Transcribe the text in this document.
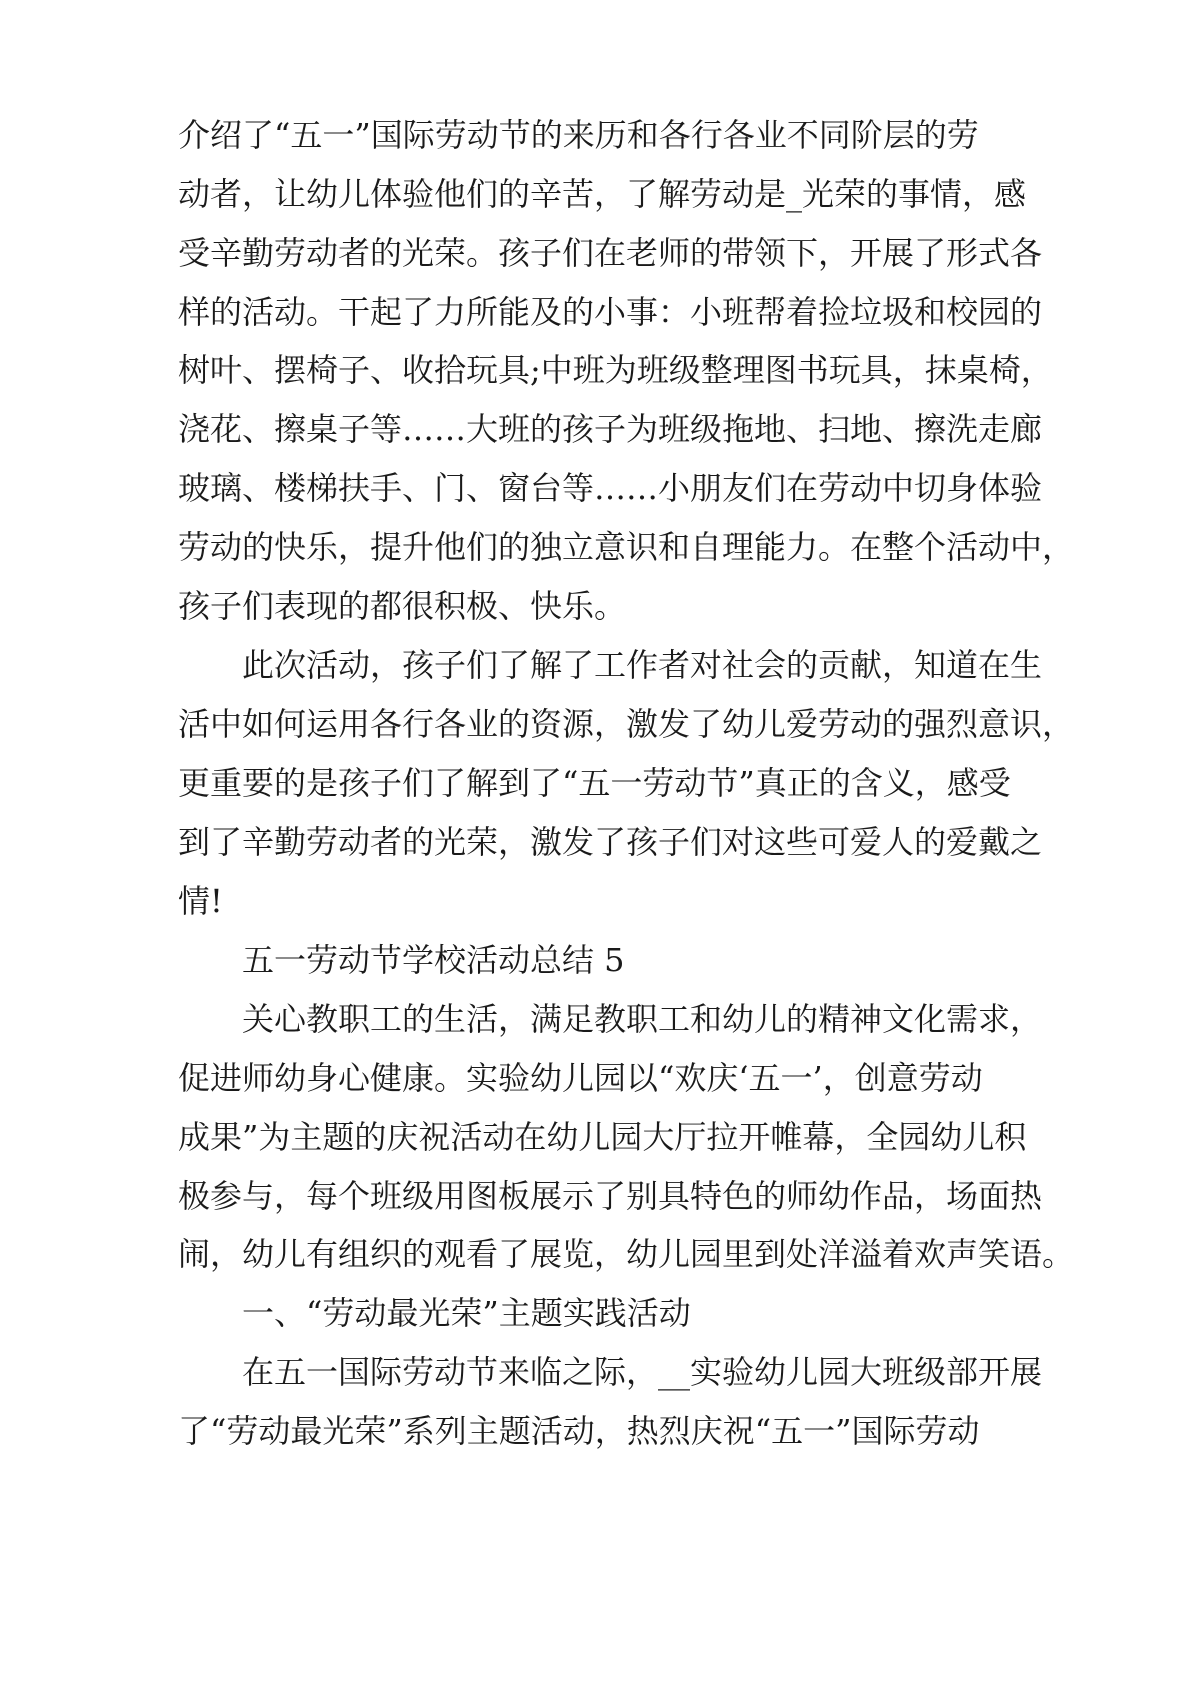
介绍了“五一”国际劳动节的来历和各行各业不同阶层的劳
动者，让幼儿体验他们的辛苦，了解劳动是_光荣的事情，感
受辛勤劳动者的光荣。孩子们在老师的带领下，开展了形式各
样的活动。干起了力所能及的小事：小班帮着捡垃圾和校园的
树叶、摆椅子、收拾玩具;中班为班级整理图书玩具，抹桌椅，
浇花、擦桌子等……大班的孩子为班级拖地、扫地、擦洗走廊
玻璃、楼梯扶手、门、窗台等……小朋友们在劳动中切身体验
劳动的快乐，提升他们的独立意识和自理能力。在整个活动中，
孩子们表现的都很积极、快乐。
此次活动，孩子们了解了工作者对社会的贡献，知道在生
活中如何运用各行各业的资源，激发了幼儿爱劳动的强烈意识，
更重要的是孩子们了解到了“五一劳动节”真正的含义，感受
到了辛勤劳动者的光荣，激发了孩子们对这些可爱人的爱戴之
情!
五一劳动节学校活动总结 5
关心教职工的生活，满足教职工和幼儿的精神文化需求，
促进师幼身心健康。实验幼儿园以“欢庆‘五一’，创意劳动
成果”为主题的庆祝活动在幼儿园大厅拉开帷幕，全园幼儿积
极参与，每个班级用图板展示了别具特色的师幼作品，场面热
闹，幼儿有组织的观看了展览，幼儿园里到处洋溢着欢声笑语。
一、“劳动最光荣”主题实践活动
在五一国际劳动节来临之际，__实验幼儿园大班级部开展
了“劳动最光荣”系列主题活动，热烈庆祝“五一”国际劳动
